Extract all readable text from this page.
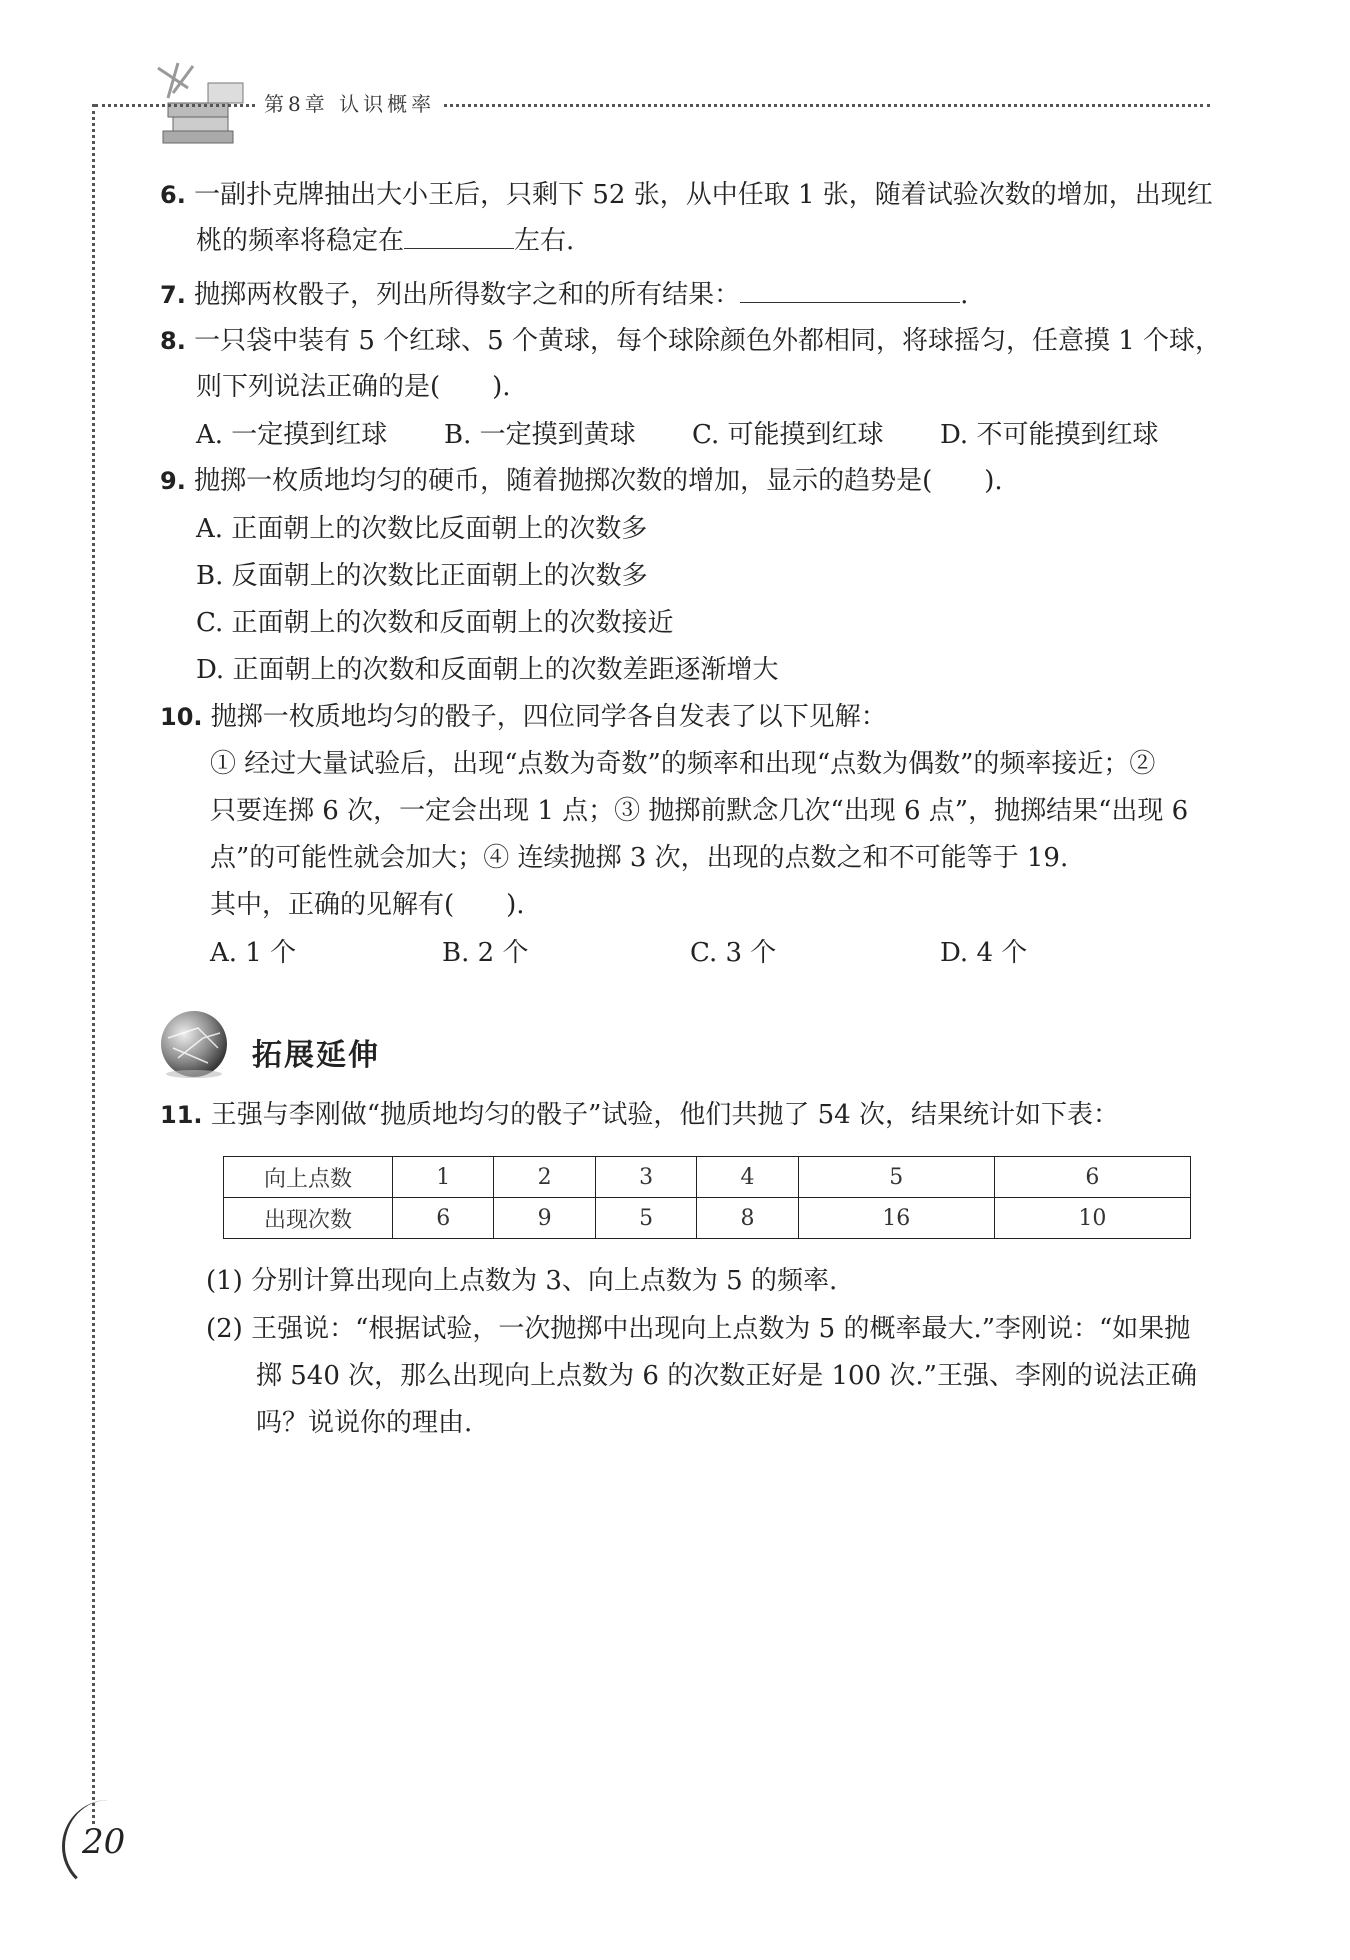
第8章 认识概率
6. 一副扑克牌抽出大小王后，只剩下 52 张，从中任取 1 张，随着试验次数的增加，出现红
桃的频率将稳定在	左右.
7. 抛掷两枚骰子，列出所得数字之和的所有结果：	.
8. 一只袋中装有 5 个红球、5 个黄球，每个球除颜色外都相同，将球摇匀，任意摸 1 个球，
则下列说法正确的是(　　).
A. 一定摸到红球 B. 一定摸到黄球 C. 可能摸到红球 D. 不可能摸到红球
9. 抛掷一枚质地均匀的硬币，随着抛掷次数的增加，显示的趋势是(　　).
A. 正面朝上的次数比反面朝上的次数多
B. 反面朝上的次数比正面朝上的次数多
C. 正面朝上的次数和反面朝上的次数接近
D. 正面朝上的次数和反面朝上的次数差距逐渐增大
10. 抛掷一枚质地均匀的骰子，四位同学各自发表了以下见解：
① 经过大量试验后，出现“点数为奇数”的频率和出现“点数为偶数”的频率接近；②
只要连掷 6 次，一定会出现 1 点；③ 抛掷前默念几次“出现 6 点”，抛掷结果“出现 6
点”的可能性就会加大；④ 连续抛掷 3 次，出现的点数之和不可能等于 19.
其中，正确的见解有(　　).
A. 1 个	B. 2 个	C. 3 个	D. 4 个
拓展延伸
11. 王强与李刚做“抛质地均匀的骰子”试验，他们共抛了 54 次，结果统计如下表：
向上点数	1	2	3	4	5	6
出现次数	6	9	5	8	16	10
(1) 分别计算出现向上点数为 3、向上点数为 5 的频率.
(2) 王强说：“根据试验，一次抛掷中出现向上点数为 5 的概率最大.”李刚说：“如果抛
掷 540 次，那么出现向上点数为 6 的次数正好是 100 次.”王强、李刚的说法正确
吗？说说你的理由.
20
